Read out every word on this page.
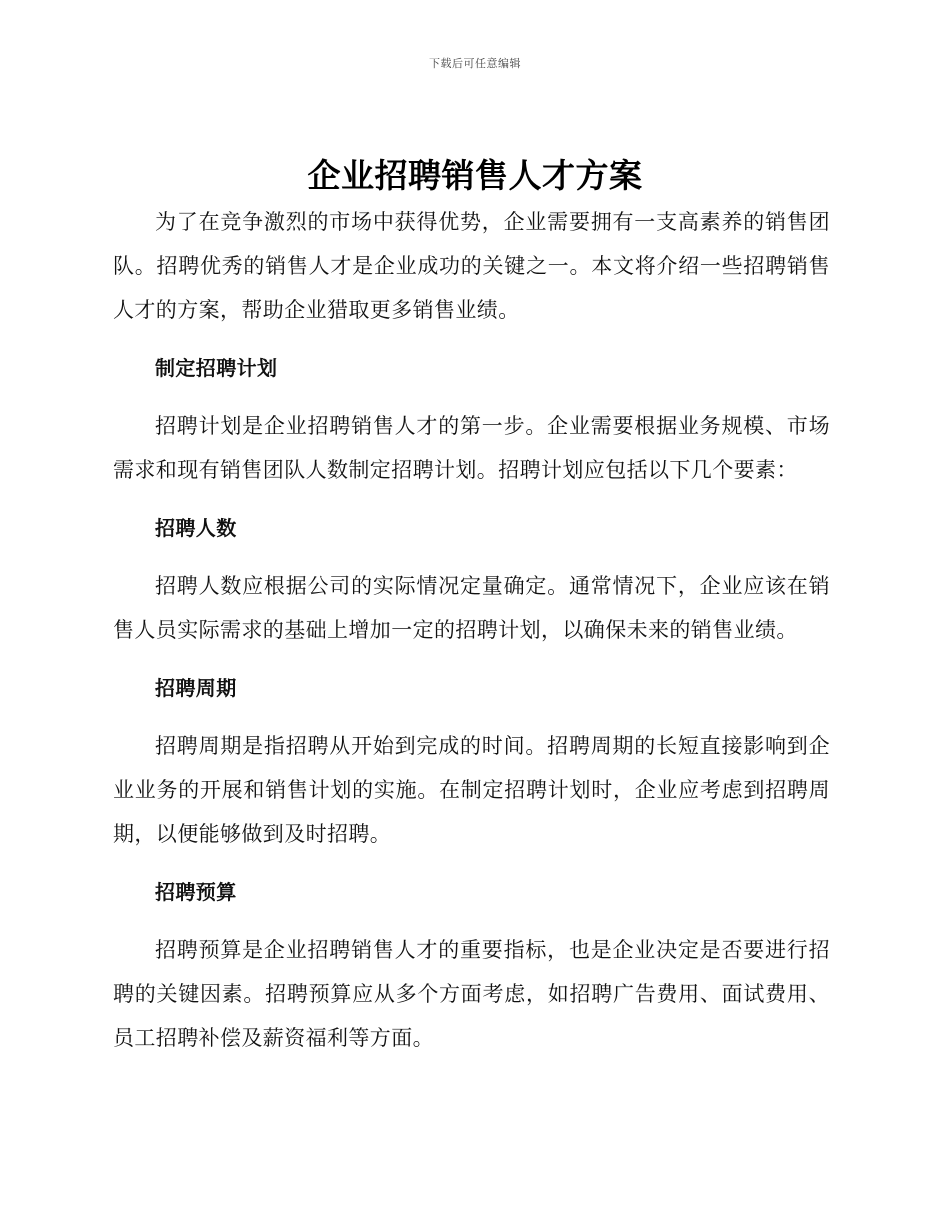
下载后可任意编辑
企业招聘销售人才方案

为了在竞争激烈的市场中获得优势，企业需要拥有一支高素养的销售团队。招聘优秀的销售人才是企业成功的关键之一。本文将介绍一些招聘销售人才的方案，帮助企业猎取更多销售业绩。

制定招聘计划

招聘计划是企业招聘销售人才的第一步。企业需要根据业务规模、市场需求和现有销售团队人数制定招聘计划。招聘计划应包括以下几个要素：

招聘人数

招聘人数应根据公司的实际情况定量确定。通常情况下，企业应该在销售人员实际需求的基础上增加一定的招聘计划，以确保未来的销售业绩。

招聘周期

招聘周期是指招聘从开始到完成的时间。招聘周期的长短直接影响到企业业务的开展和销售计划的实施。在制定招聘计划时，企业应考虑到招聘周期，以便能够做到及时招聘。

招聘预算

招聘预算是企业招聘销售人才的重要指标，也是企业决定是否要进行招聘的关键因素。招聘预算应从多个方面考虑，如招聘广告费用、面试费用、员工招聘补偿及薪资福利等方面。
